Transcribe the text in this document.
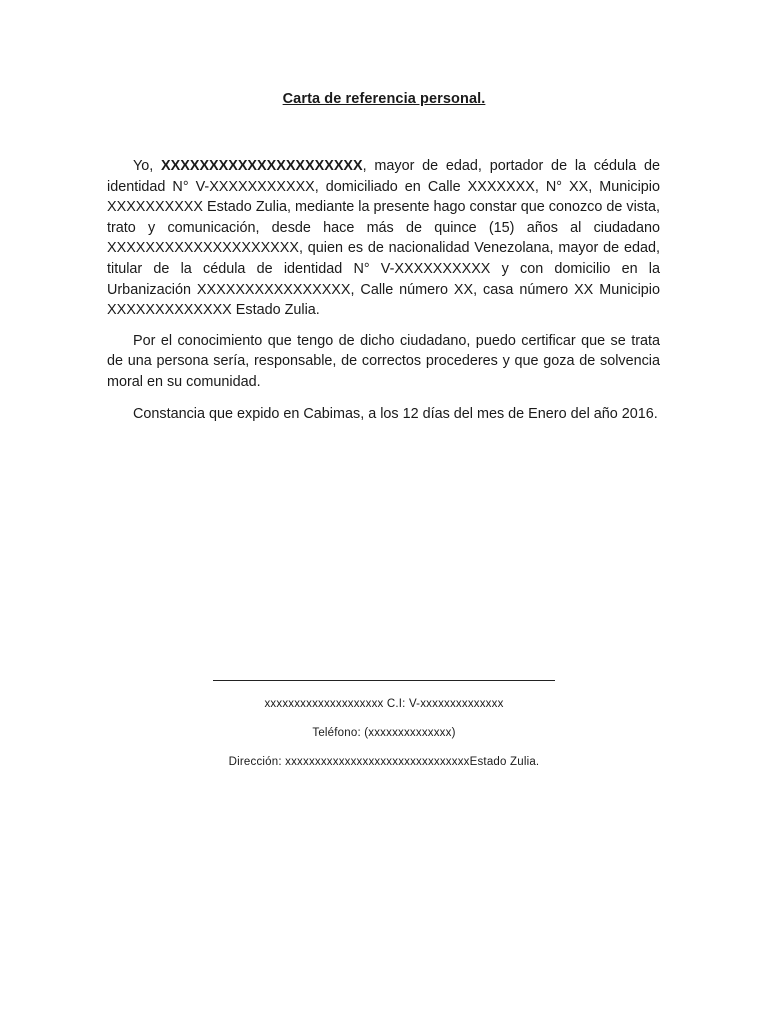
Carta de referencia personal.

Yo, XXXXXXXXXXXXXXXXXXXXX, mayor de edad, portador de la cédula de identidad N° V-XXXXXXXXXXX, domiciliado en Calle XXXXXXX, N° XX, Municipio XXXXXXXXXX Estado Zulia, mediante la presente hago constar que conozco de vista, trato y comunicación, desde hace más de quince (15) años al ciudadano XXXXXXXXXXXXXXXXXXXX, quien es de nacionalidad Venezolana, mayor de edad, titular de la cédula de identidad N° V-XXXXXXXXXX y con domicilio en la Urbanización XXXXXXXXXXXXXXXX, Calle número XX, casa número XX Municipio XXXXXXXXXXXXX Estado Zulia.

Por el conocimiento que tengo de dicho ciudadano, puedo certificar que se trata de una persona sería, responsable, de correctos procederes y que goza de solvencia moral en su comunidad.

Constancia que expido en Cabimas, a los 12 días del mes de Enero del año 2016.

xxxxxxxxxxxxxxxxxxxx C.I: V-xxxxxxxxxxxxxx
Teléfono: (xxxxxxxxxxxxxx)
Dirección: xxxxxxxxxxxxxxxxxxxxxxxxxxxxxxxEstado Zulia.
